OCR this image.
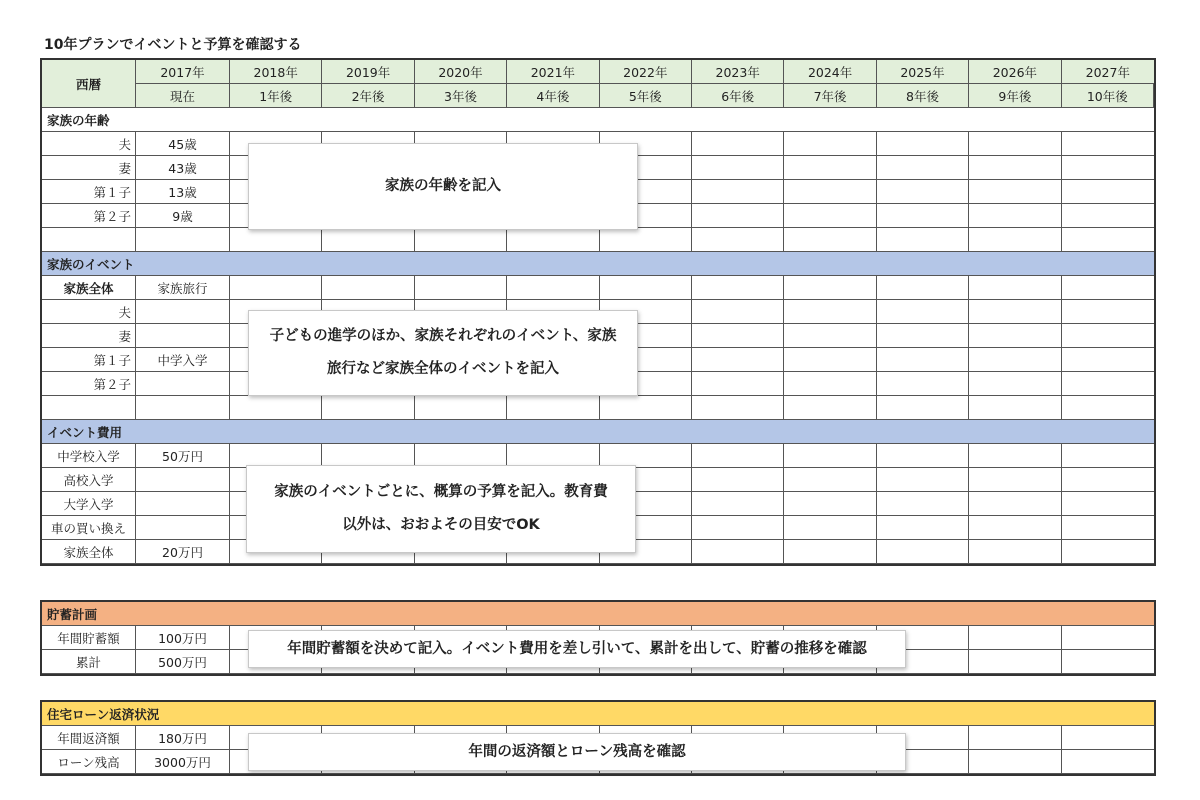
10年プランでイベントと予算を確認する
西暦
2017年	2018年	2019年	2020年	2021年	2022年	2023年	2024年	2025年	2026年	2027年
現在	1年後	2年後	3年後	4年後	5年後	6年後	7年後	8年後	9年後	10年後
家族の年齢
夫	45歳
妻	43歳
第１子	13歳
第２子	9歳
家族のイベント
家族全体	家族旅行
夫
妻
第１子	中学入学
第２子
イベント費用
中学校入学	50万円
高校入学
大学入学
車の買い換え
家族全体	20万円
貯蓄計画
年間貯蓄額	100万円
累計	500万円
住宅ローン返済状況
年間返済額	180万円
ローン残高	3000万円
家族の年齢を記入
子どもの進学のほか、家族それぞれのイベント、家族
旅行など家族全体のイベントを記入
家族のイベントごとに、概算の予算を記入。教育費
以外は、おおよその目安でOK
年間貯蓄額を決めて記入。イベント費用を差し引いて、累計を出して、貯蓄の推移を確認
年間の返済額とローン残高を確認
